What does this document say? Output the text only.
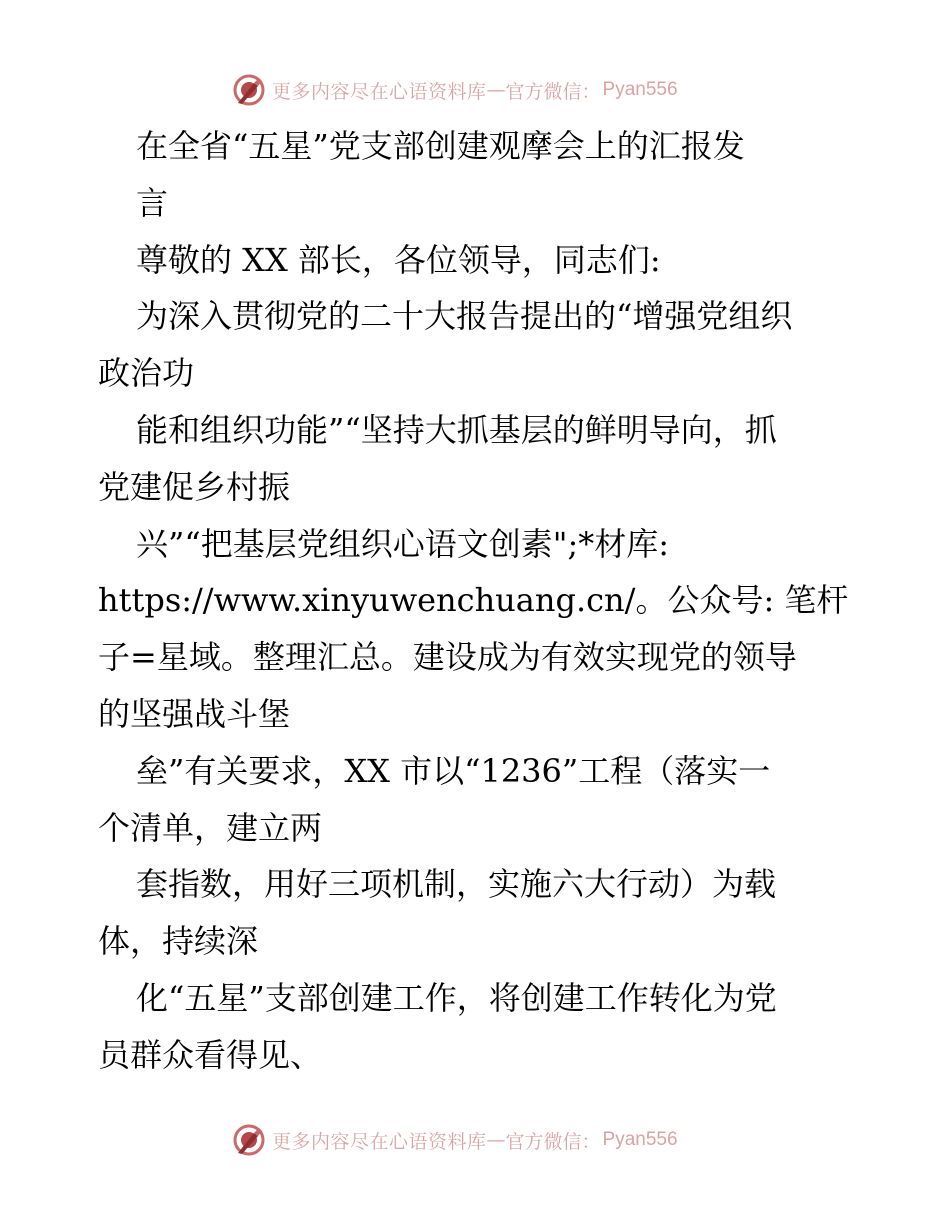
更多内容尽在心语资料库 — 官方微信： Pyan556
在全省“五星”党支部创建观摩会上的汇报发
言
尊敬的 XX 部长，各位领导，同志们:
为深入贯彻党的二十大报告提出的“增强党组织
政治功
能和组织功能”“坚持大抓基层的鲜明导向，抓
党建促乡村振
兴”“把基层党组织心语文创素";*材库:
https://www.xinyuwenchuang.cn/。公众号: 笔杆
子=星域。整理汇总。建设成为有效实现党的领导
的坚强战斗堡
垒”有关要求，XX 市以“1236”工程（落实一
个清单，建立两
套指数，用好三项机制，实施六大行动）为载
体，持续深
化“五星”支部创建工作，将创建工作转化为党
员群众看得见、
更多内容尽在心语资料库 — 官方微信： Pyan556
